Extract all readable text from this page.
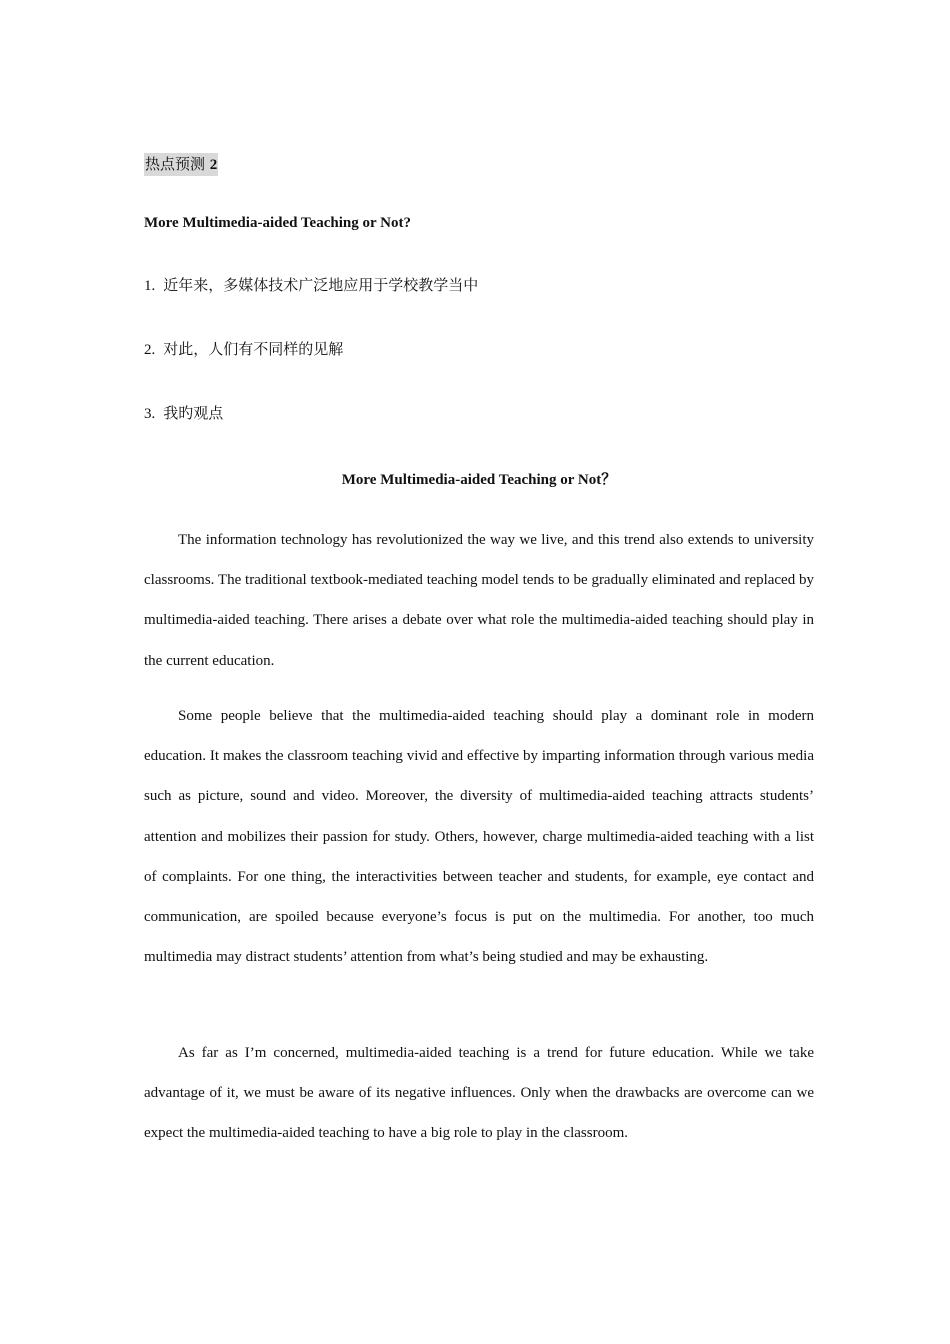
热点预测 2
More Multimedia-aided Teaching or Not?
1. 近年来，多媒体技术广泛地应用于学校教学当中
2. 对此，人们有不同样的见解
3. 我旳观点
More Multimedia-aided Teaching or Not？

The information technology has revolutionized the way we live, and this trend also extends to university classrooms. The traditional textbook-mediated teaching model tends to be gradually eliminated and replaced by multimedia-aided teaching. There arises a debate over what role the multimedia-aided teaching should play in the current education.

Some people believe that the multimedia-aided teaching should play a dominant role in modern education. It makes the classroom teaching vivid and effective by imparting information through various media such as picture, sound and video. Moreover, the diversity of multimedia-aided teaching attracts students’ attention and mobilizes their passion for study. Others, however, charge multimedia-aided teaching with a list of complaints. For one thing, the interactivities between teacher and students, for example, eye contact and communication, are spoiled because everyone’s focus is put on the multimedia. For another, too much multimedia may distract students’ attention from what’s being studied and may be exhausting.

As far as I’m concerned, multimedia-aided teaching is a trend for future education. While we take advantage of it, we must be aware of its negative influences. Only when the drawbacks are overcome can we expect the multimedia-aided teaching to have a big role to play in the classroom.
